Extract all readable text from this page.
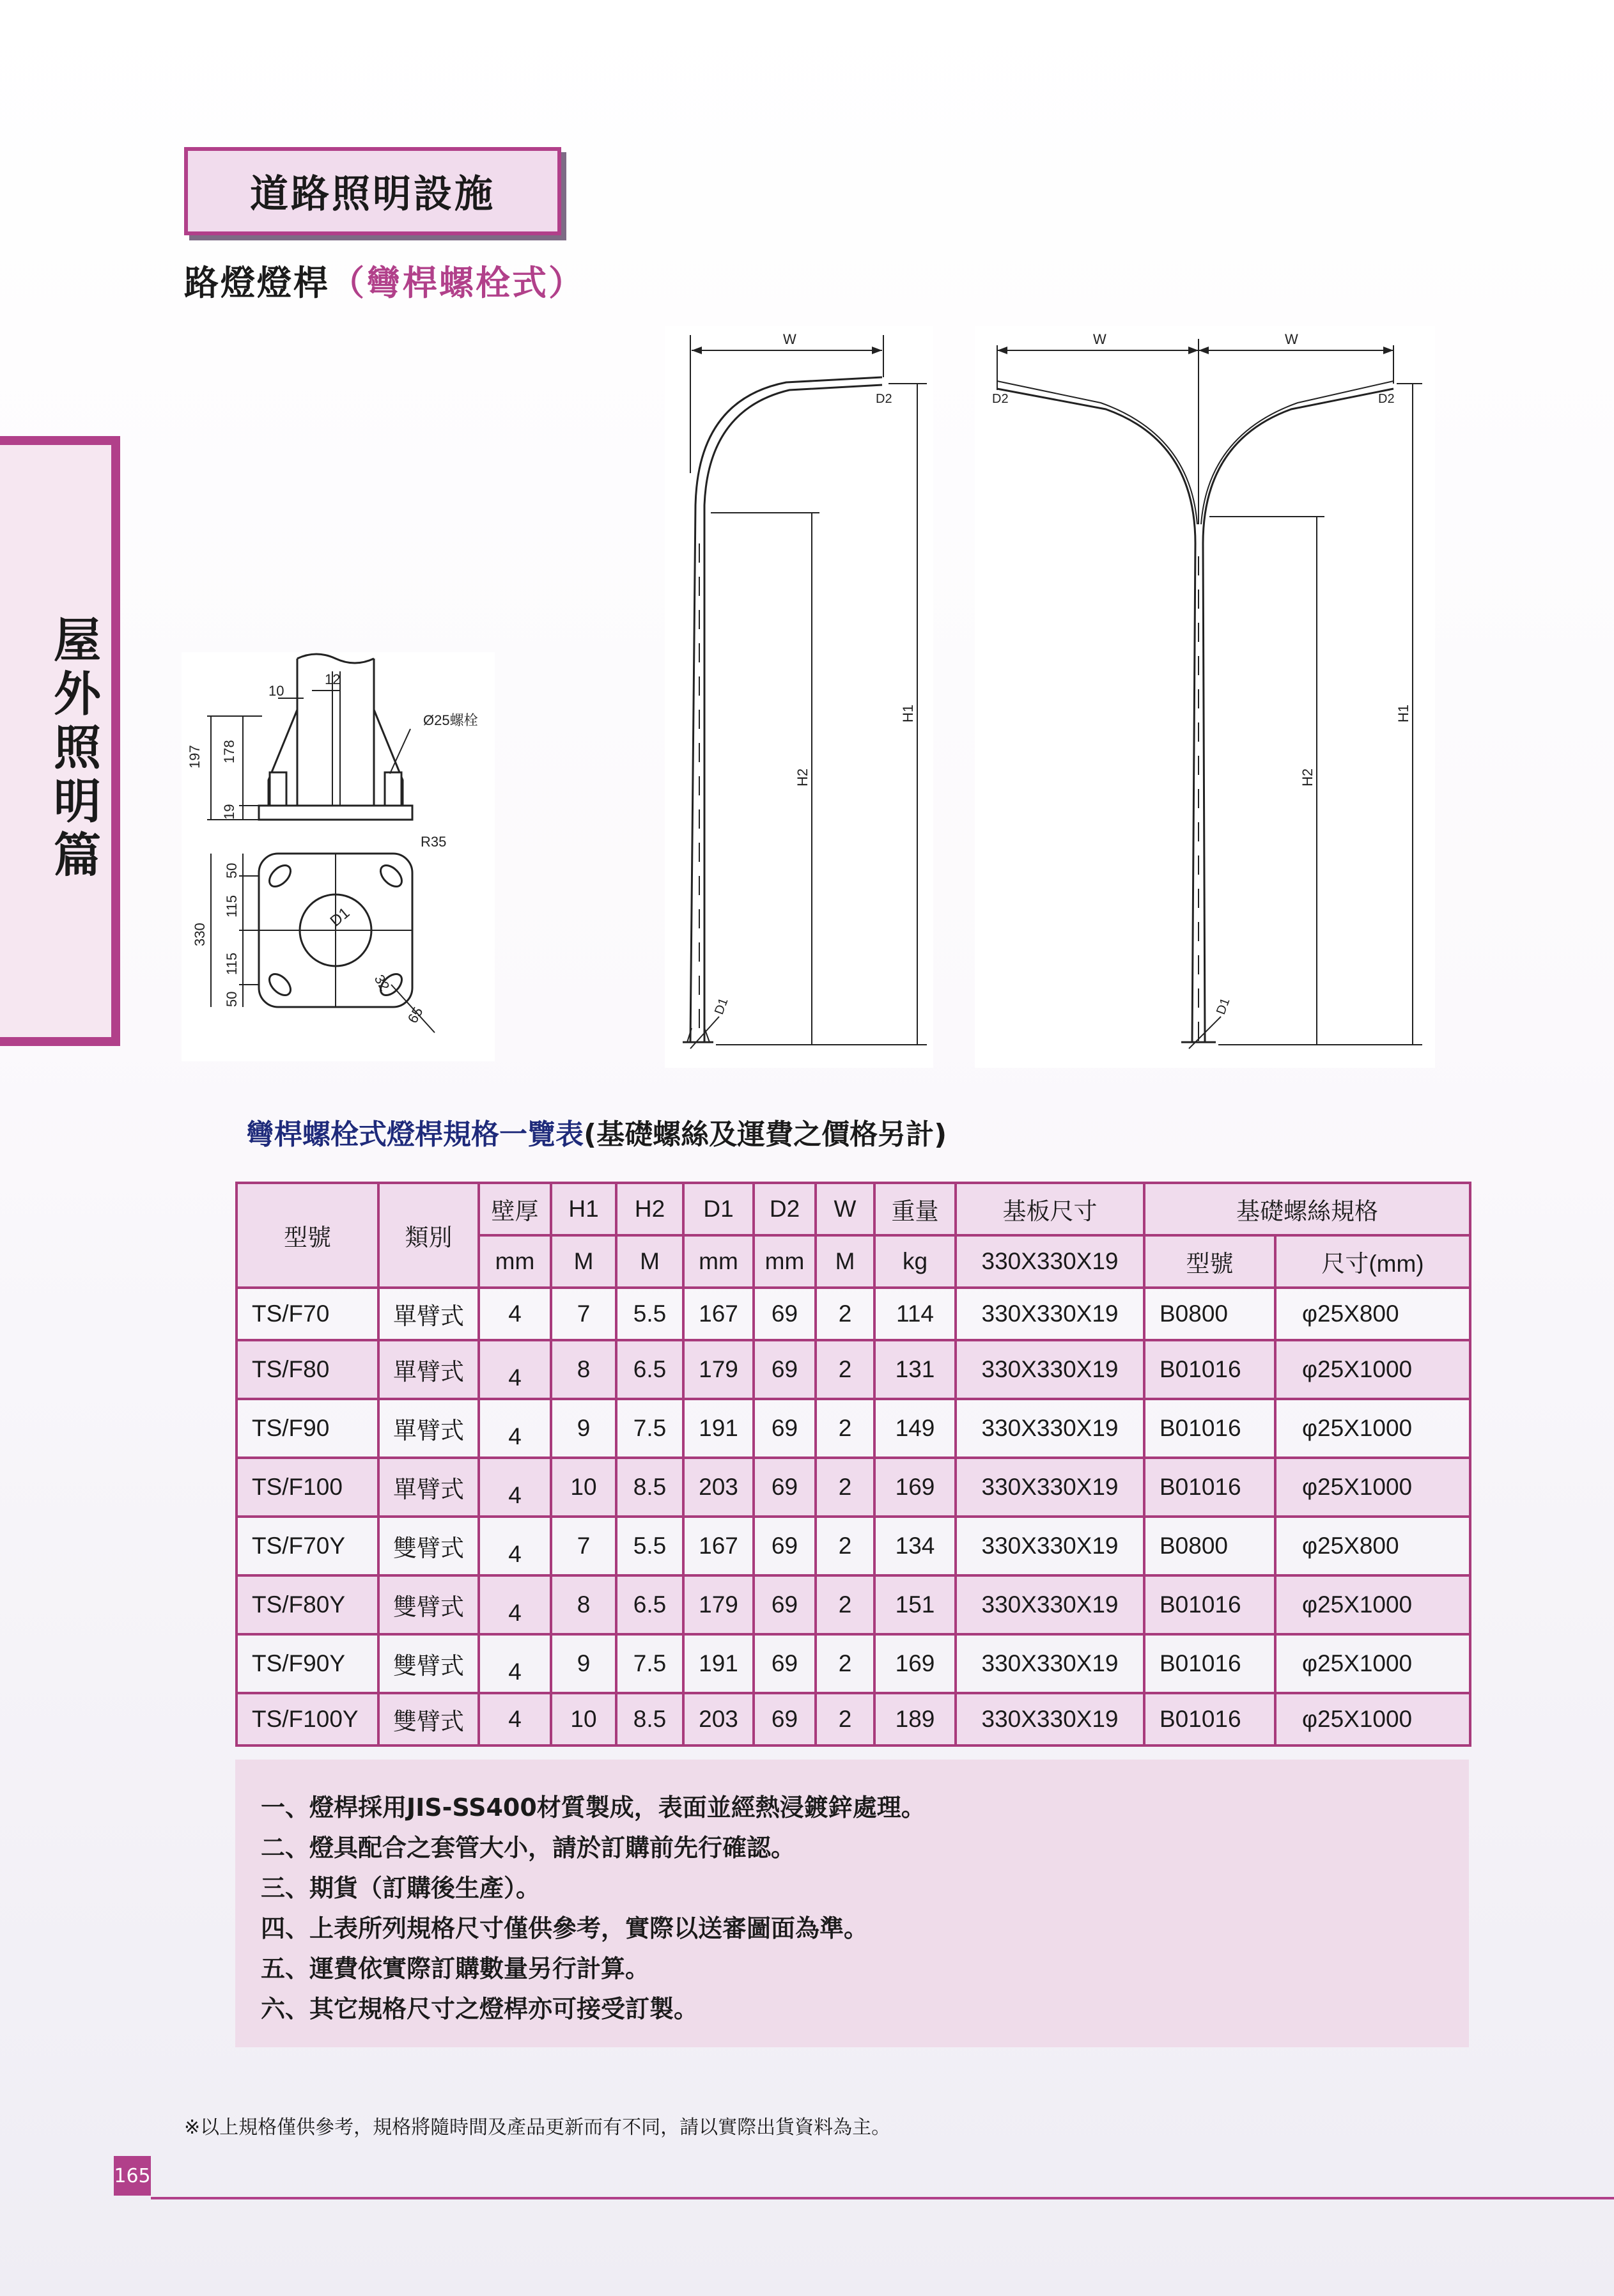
道路照明設施
路燈燈桿（彎桿螺栓式）
屋外照明篇
10
12
Ø25螺栓
197 178
19
R35
330
50
115
115
50
D1
32
65
W
D2
H1
H2
D1
W	W
D2	D2
H1
H2
D1
彎桿螺栓式燈桿規格一覽表(基礎螺絲及運費之價格另計)
型號	類別	壁厚	H1	H2	D1	D2	W	重量	基板尺寸	基礎螺絲規格	
		mm	M	M	mm	mm	M	kg	330X330X19	型號	尺寸(mm)
TS/F70	單臂式	4	7	5.5	167	69	2	114	330X330X19	B0800	φ25X800
TS/F80	單臂式	4	8	6.5	179	69	2	131	330X330X19	B01016	φ25X1000
TS/F90	單臂式	4	9	7.5	191	69	2	149	330X330X19	B01016	φ25X1000
TS/F100	單臂式	4	10	8.5	203	69	2	169	330X330X19	B01016	φ25X1000
TS/F70Y	雙臂式	4	7	5.5	167	69	2	134	330X330X19	B0800	φ25X800
TS/F80Y	雙臂式	4	8	6.5	179	69	2	151	330X330X19	B01016	φ25X1000
TS/F90Y	雙臂式	4	9	7.5	191	69	2	169	330X330X19	B01016	φ25X1000
TS/F100Y	雙臂式	4	10	8.5	203	69	2	189	330X330X19	B01016	φ25X1000
一、燈桿採用JIS-SS400材質製成，表面並經熱浸鍍鋅處理。
二、燈具配合之套管大小，請於訂購前先行確認。
三、期貨（訂購後生產）。
四、上表所列規格尺寸僅供參考，實際以送審圖面為準。
五、運費依實際訂購數量另行計算。
六、其它規格尺寸之燈桿亦可接受訂製。
※以上規格僅供參考，規格將隨時間及產品更新而有不同，請以實際出貨資料為主。
165
